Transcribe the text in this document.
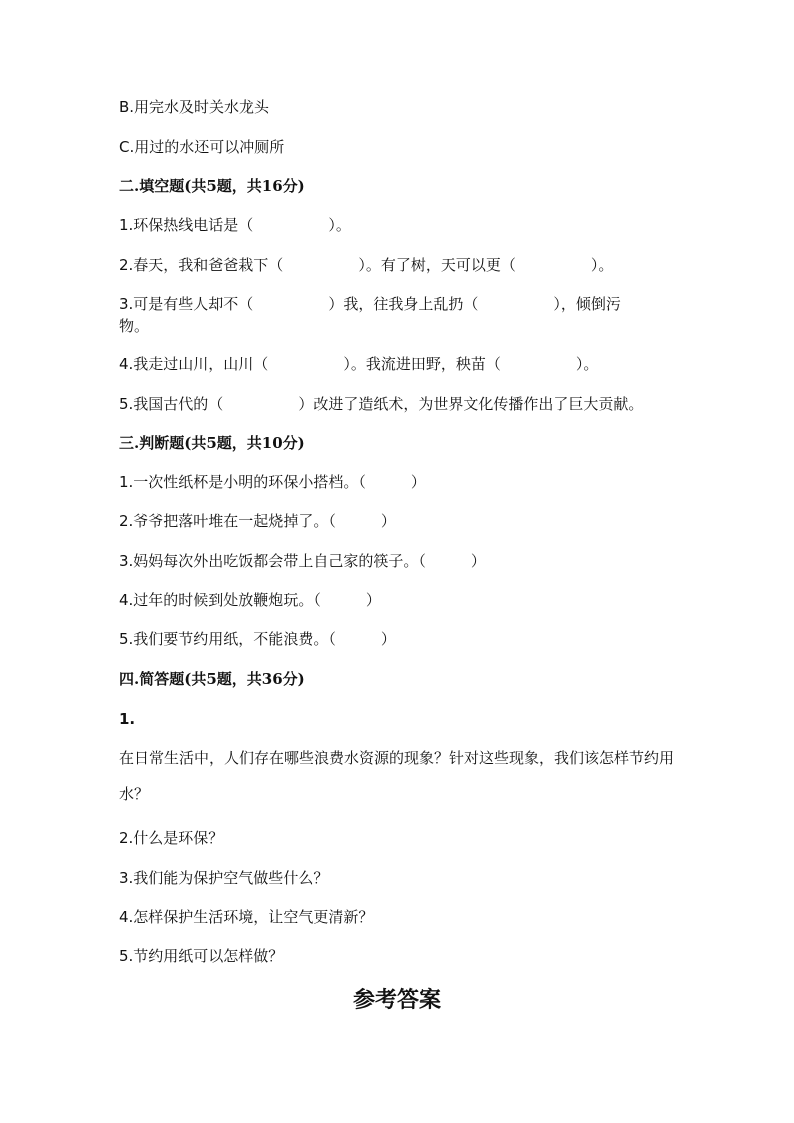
B.用完水及时关水龙头
C.用过的水还可以冲厕所
二.填空题(共5题，共16分)
1.环保热线电话是（　　　　　）。
2.春天，我和爸爸栽下（　　　　　）。有了树，天可以更（　　　　　）。
3.可是有些人却不（　　　　　）我，往我身上乱扔（　　　　　），倾倒污
物。
4.我走过山川，山川（　　　　　）。我流进田野，秧苗（　　　　　）。
5.我国古代的（　　　　　）改进了造纸术，为世界文化传播作出了巨大贡献。
三.判断题(共5题，共10分)
1.一次性纸杯是小明的环保小搭档。（　　　）
2.爷爷把落叶堆在一起烧掉了。（　　　）
3.妈妈每次外出吃饭都会带上自己家的筷子。（　　　）
4.过年的时候到处放鞭炮玩。（　　　）
5.我们要节约用纸，不能浪费。（　　　）
四.简答题(共5题，共36分)
1.
在日常生活中，人们存在哪些浪费水资源的现象？针对这些现象，我们该怎样节约用水？
2.什么是环保？
3.我们能为保护空气做些什么？
4.怎样保护生活环境，让空气更清新？
5.节约用纸可以怎样做？
参考答案
